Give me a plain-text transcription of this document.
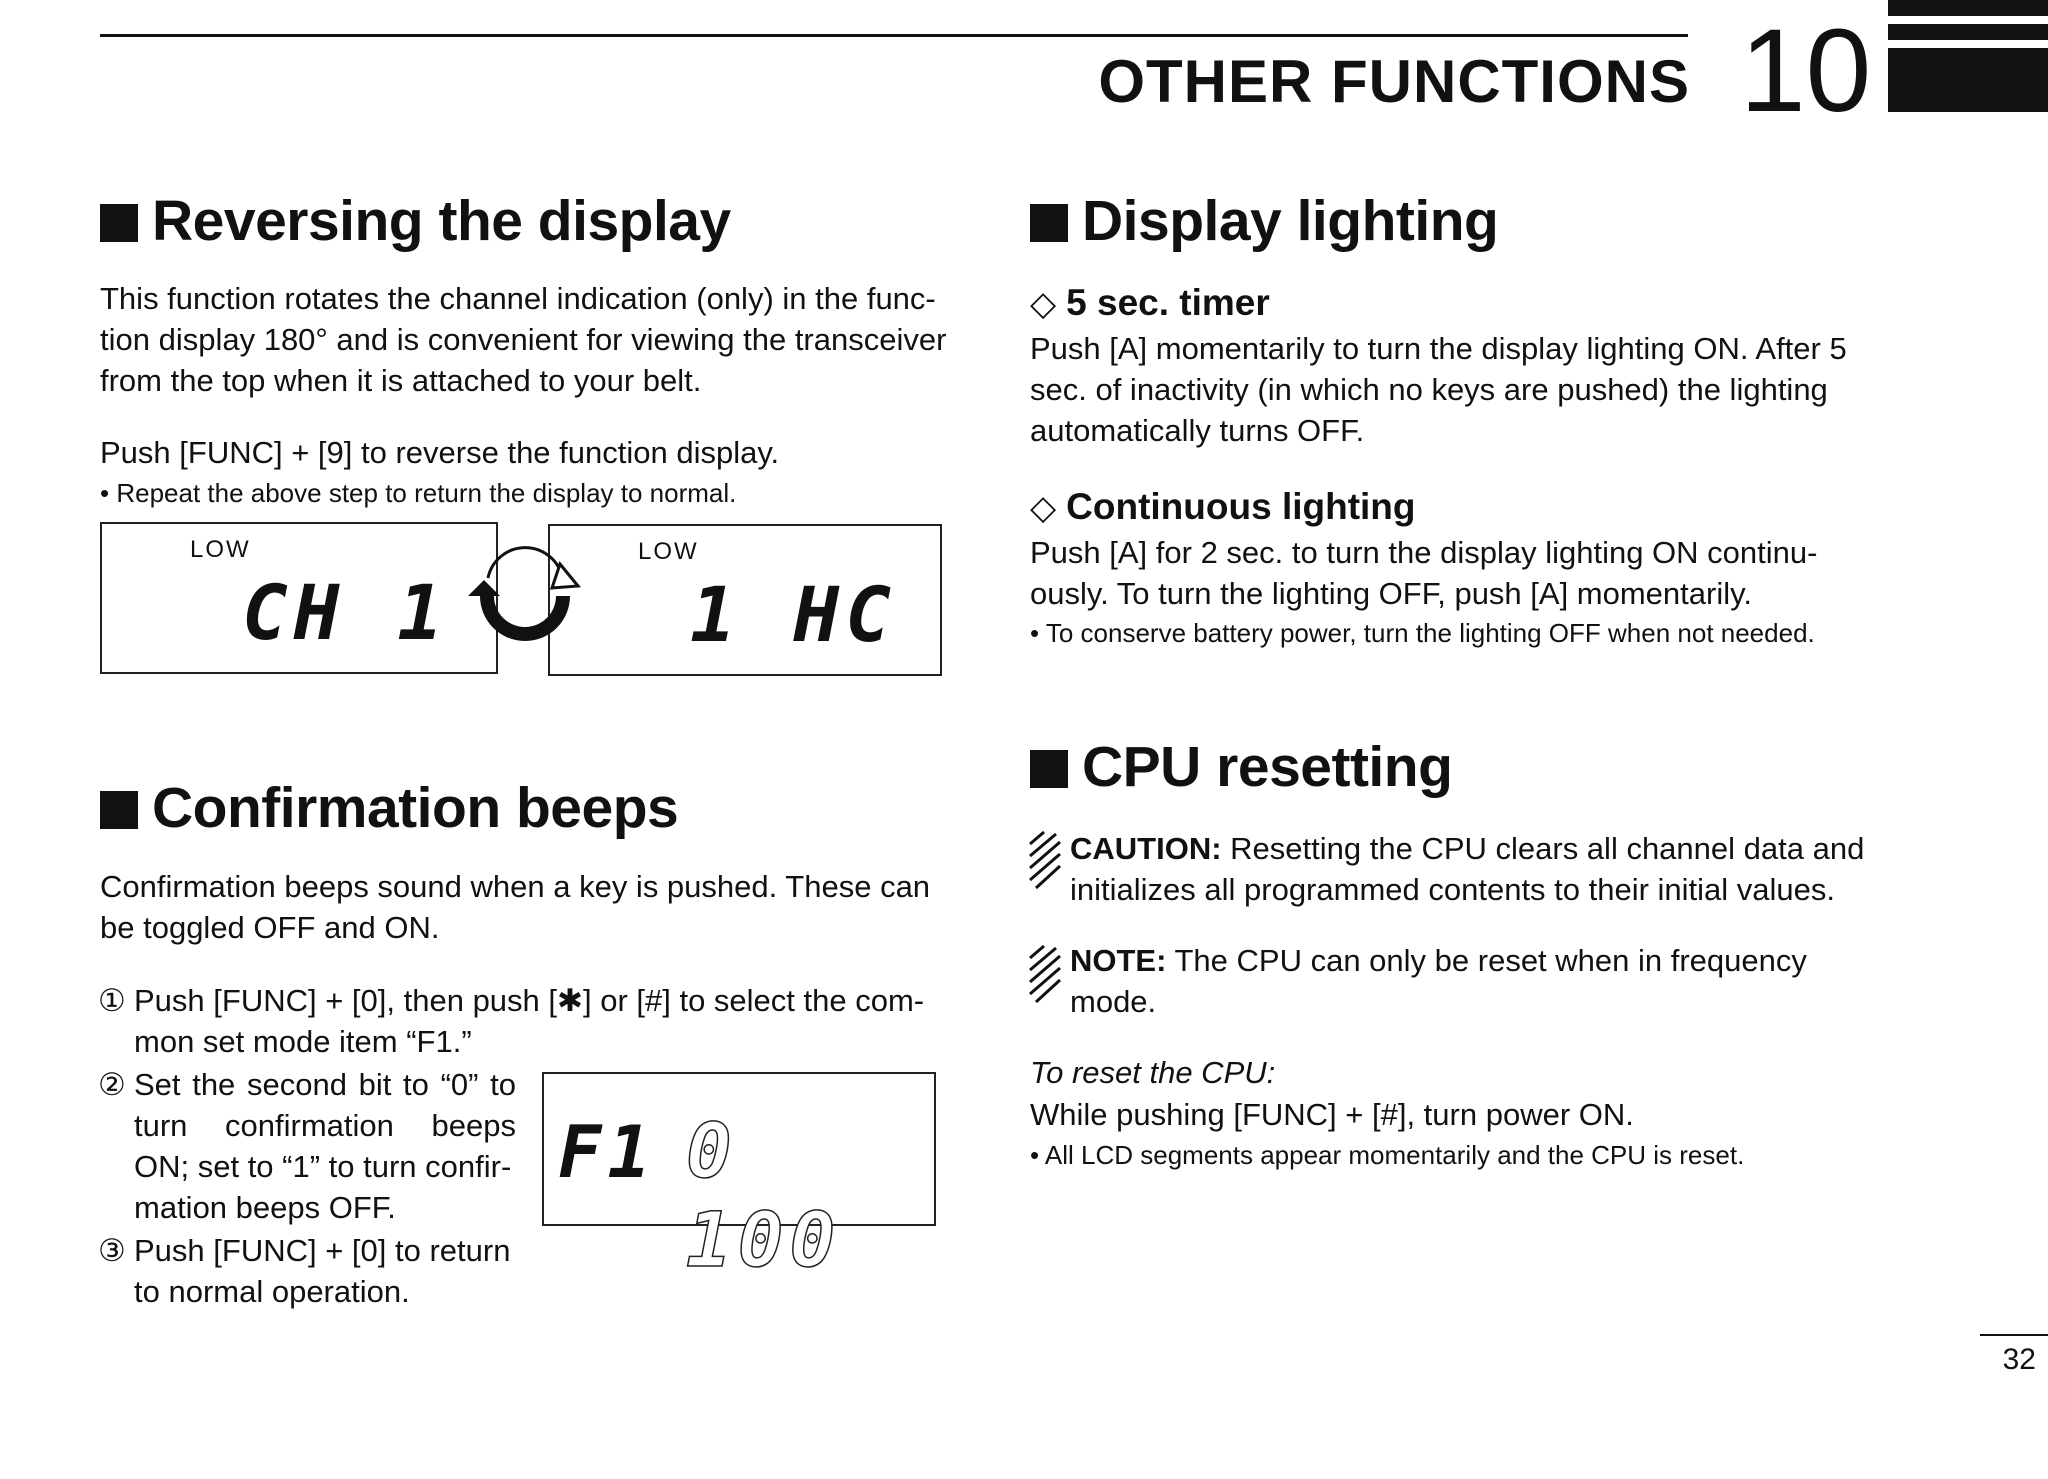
OTHER FUNCTIONS 10
Reversing the display
This function rotates the channel indication (only) in the func-
tion display 180° and is convenient for viewing the transceiver
from the top when it is attached to your belt.
Push [FUNC] + [9] to reverse the function display.
• Repeat the above step to return the display to normal.
LOW
CH 1
LOW
1 HC
Confirmation beeps
Confirmation beeps sound when a key is pushed. These can
be toggled OFF and ON.
① Push [FUNC] + [0], then push [✱] or [#] to select the com-
mon set mode item “F1.”
② Set the second bit to “0” to
turn confirmation beeps
ON; set to “1” to turn confir-
mation beeps OFF.
③ Push [FUNC] + [0] to return
to normal operation.
F1 0 100
Display lighting
◇ 5 sec. timer
Push [A] momentarily to turn the display lighting ON. After 5
sec. of inactivity (in which no keys are pushed) the lighting
automatically turns OFF.
◇ Continuous lighting
Push [A] for 2 sec. to turn the display lighting ON continu-
ously. To turn the lighting OFF, push [A] momentarily.
• To conserve battery power, turn the lighting OFF when not needed.
CPU resetting
CAUTION: Resetting the CPU clears all channel data and
initializes all programmed contents to their initial values.
NOTE: The CPU can only be reset when in frequency
mode.
To reset the CPU:
While pushing [FUNC] + [#], turn power ON.
• All LCD segments appear momentarily and the CPU is reset.
32
